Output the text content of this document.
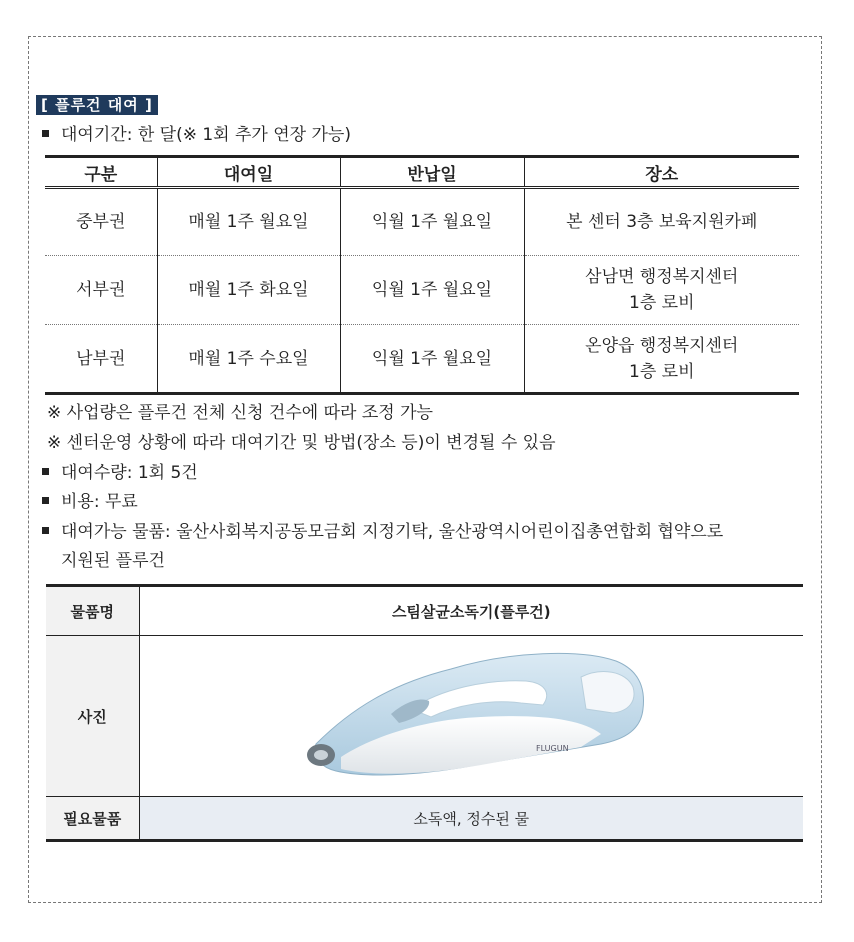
[ 플루건 대여 ]
대여기간: 한 달(※ 1회 추가 연장 가능)
구분	대여일	반납일	장소
중부권	매월 1주 월요일	익월 1주 월요일	본 센터 3층 보육지원카페
서부권	매월 1주 화요일	익월 1주 월요일	삼남면 행정복지센터
1층 로비
남부권	매월 1주 수요일	익월 1주 월요일	온양읍 행정복지센터
1층 로비
※ 사업량은 플루건 전체 신청 건수에 따라 조정 가능
※ 센터운영 상황에 따라 대여기간 및 방법(장소 등)이 변경될 수 있음
대여수량: 1회 5건
비용: 무료
대여가능 물품: 울산사회복지공동모금회 지정기탁, 울산광역시어린이집총연합회 협약으로
지원된 플루건
물품명	스팀살균소독기(플루건)
사진	FLUGUN

필요물품	소독액, 정수된 물
